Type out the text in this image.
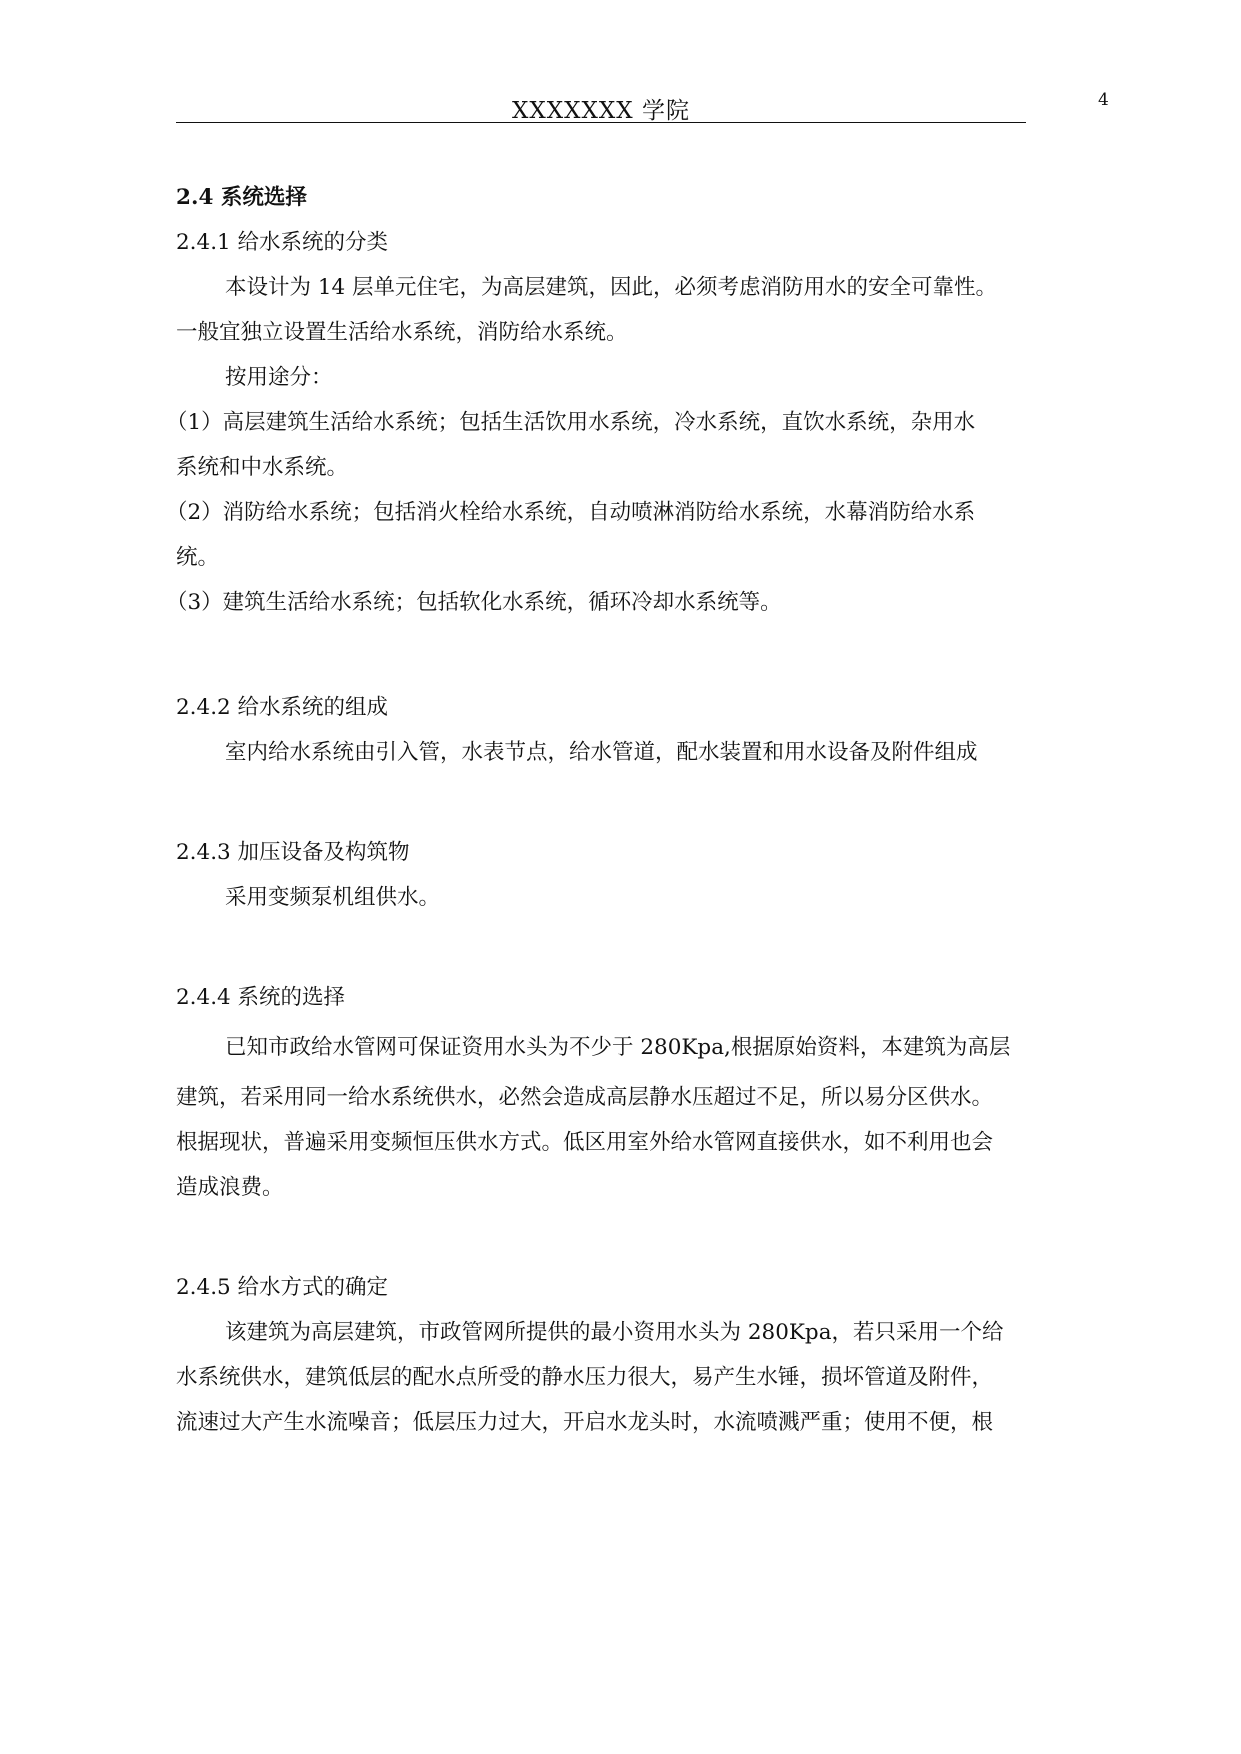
XXXXXXX 学院	4
2.4 系统选择
2.4.1 给水系统的分类
本设计为 14 层单元住宅，为高层建筑，因此，必须考虑消防用水的安全可靠性。
一般宜独立设置生活给水系统，消防给水系统。
按用途分：
（1）高层建筑生活给水系统；包括生活饮用水系统，冷水系统，直饮水系统，杂用水
系统和中水系统。
（2）消防给水系统；包括消火栓给水系统，自动喷淋消防给水系统，水幕消防给水系
统。
（3）建筑生活给水系统；包括软化水系统，循环冷却水系统等。
2.4.2 给水系统的组成
室内给水系统由引入管，水表节点，给水管道，配水装置和用水设备及附件组成
2.4.3 加压设备及构筑物
采用变频泵机组供水。
2.4.4 系统的选择
已知市政给水管网可保证资用水头为不少于 280Kpa,根据原始资料，本建筑为高层
建筑，若采用同一给水系统供水，必然会造成高层静水压超过不足，所以易分区供水。
根据现状，普遍采用变频恒压供水方式。低区用室外给水管网直接供水，如不利用也会
造成浪费。
2.4.5 给水方式的确定
该建筑为高层建筑，市政管网所提供的最小资用水头为 280Kpa，若只采用一个给
水系统供水，建筑低层的配水点所受的静水压力很大，易产生水锤，损坏管道及附件，
流速过大产生水流噪音；低层压力过大，开启水龙头时，水流喷溅严重；使用不便，根
